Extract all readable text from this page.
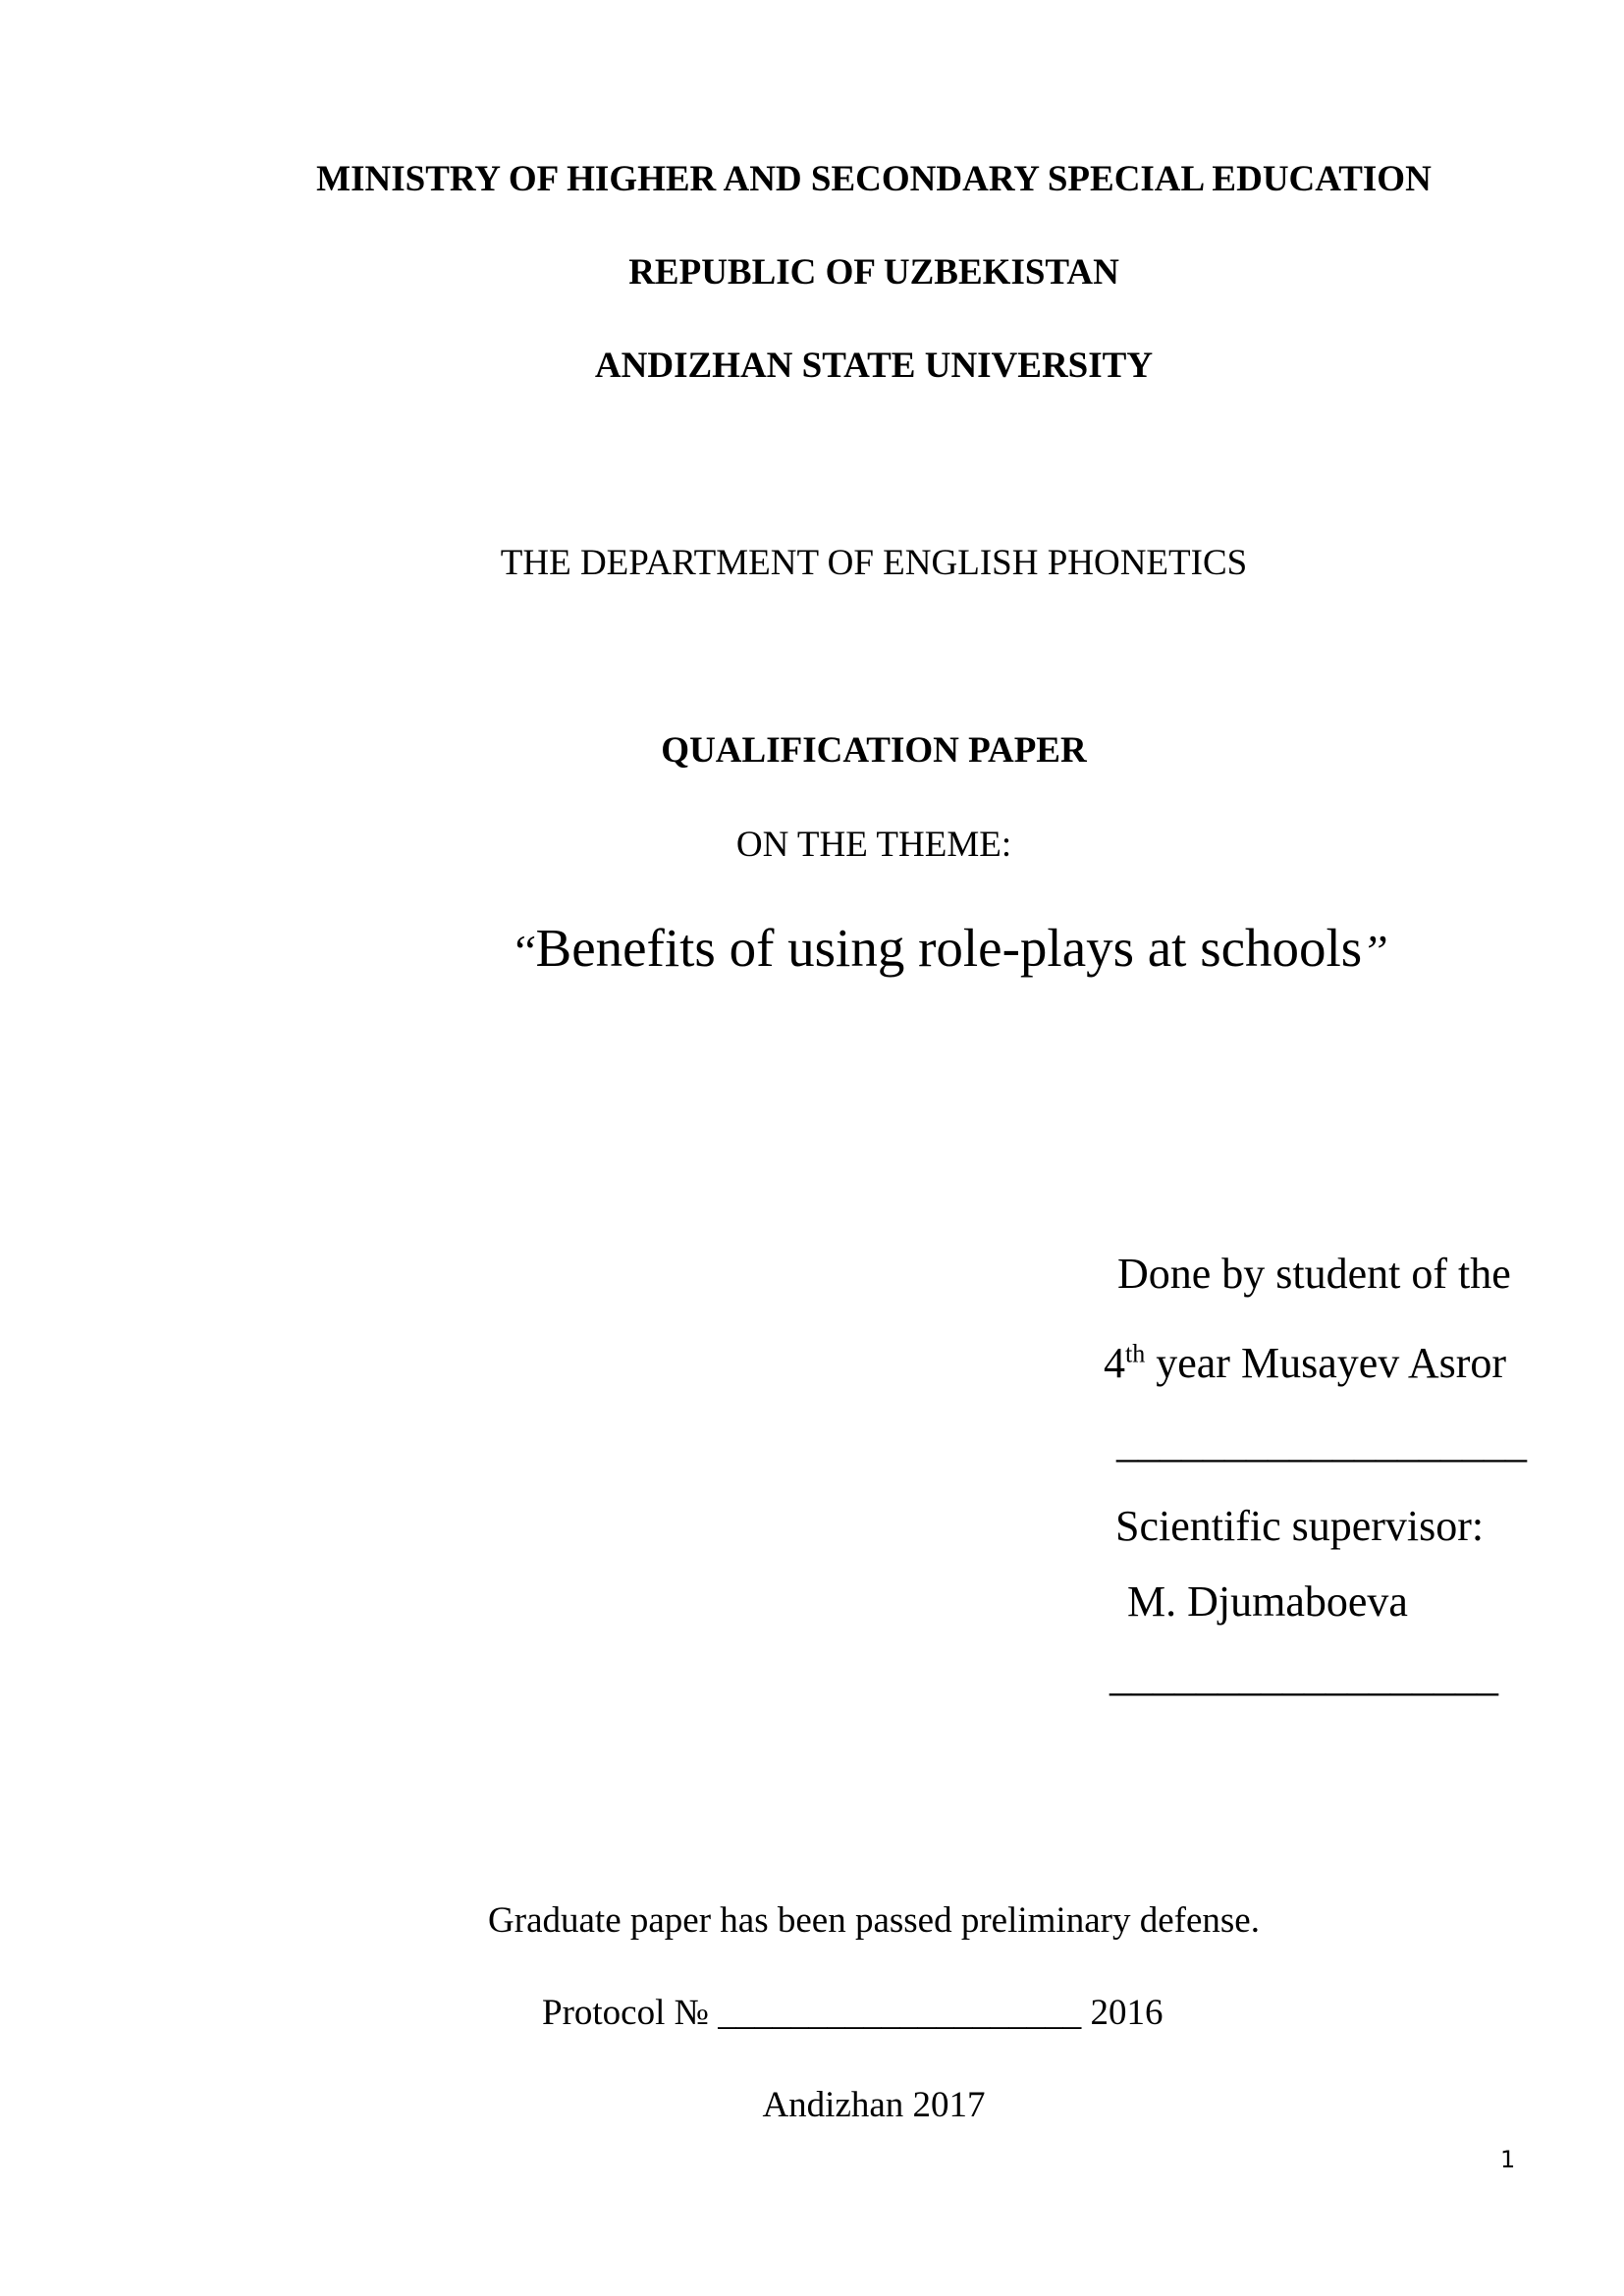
MINISTRY OF HIGHER AND SECONDARY SPECIAL EDUCATION
REPUBLIC OF UZBEKISTAN
ANDIZHAN STATE UNIVERSITY
THE DEPARTMENT OF ENGLISH PHONETICS
QUALIFICATION PAPER
ON THE THEME:
‘‘Benefits of using role-plays at schools’’
Done by student of the
4th year Musayev Asror
___________________
Scientific supervisor:
M. Djumaboeva
__________________
Graduate paper has been passed preliminary defense.
Protocol № ____________________ 2016
Andizhan 2017
1
